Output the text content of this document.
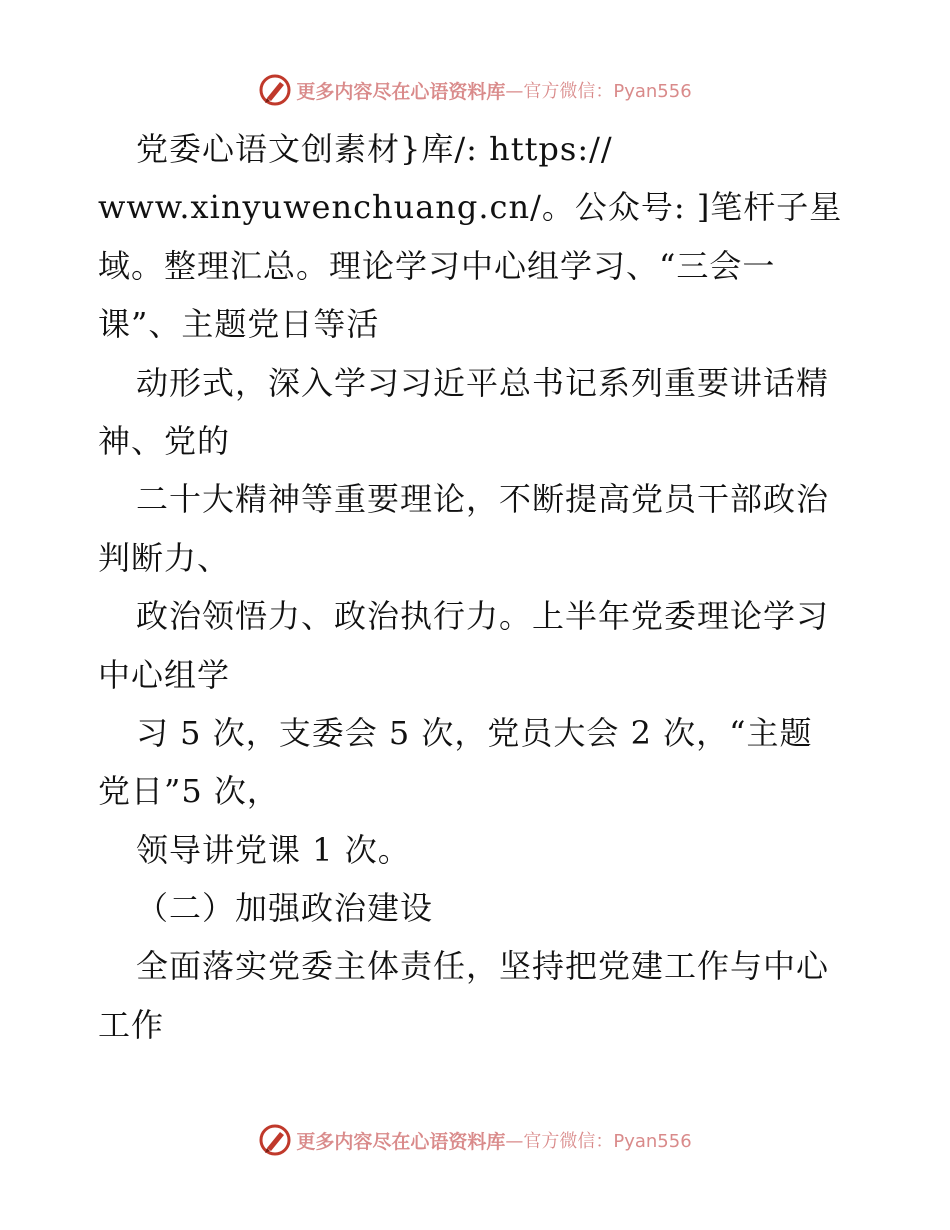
更多内容尽在心语资料库 —官方微信：Pyan556
党委心语文创素材}库/: https://
www.xinyuwenchuang.cn/。公众号: ]笔杆子星
域。整理汇总。理论学习中心组学习、“三会一
课”、主题党日等活
动形式，深入学习习近平总书记系列重要讲话精
神、党的
二十大精神等重要理论，不断提高党员干部政治
判断力、
政治领悟力、政治执行力。上半年党委理论学习
中心组学
习 5 次，支委会 5 次，党员大会 2 次，“主题
党日”5 次，
领导讲党课 1 次。
（二）加强政治建设
全面落实党委主体责任，坚持把党建工作与中心
工作
更多内容尽在心语资料库 —官方微信：Pyan556
